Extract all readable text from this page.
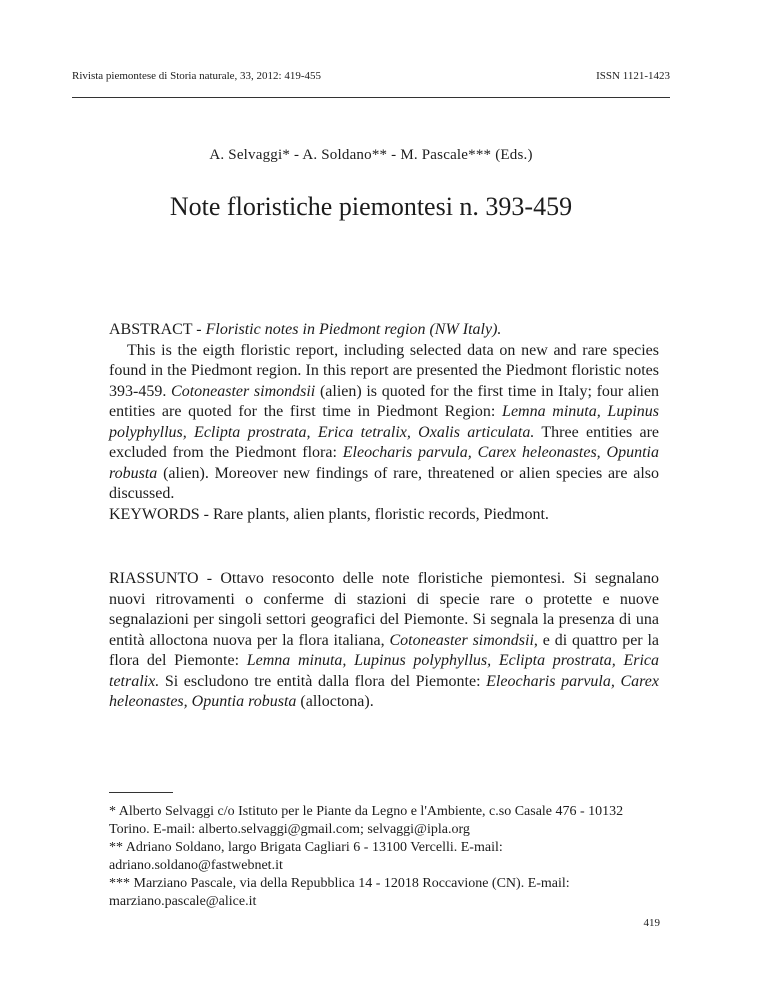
Rivista piemontese di Storia naturale, 33, 2012: 419-455	ISSN 1121-1423
A. Selvaggi* - A. Soldano** - M. Pascale*** (Eds.)
Note floristiche piemontesi n. 393-459

ABSTRACT - Floristic notes in Piedmont region (NW Italy).

This is the eigth floristic report, including selected data on new and rare species found in the Piedmont region. In this report are presented the Piedmont floristic notes 393-459. Cotoneaster simondsii (alien) is quoted for the first time in Italy; four alien entities are quoted for the first time in Piedmont Region: Lemna minuta, Lupinus polyphyllus, Eclipta prostrata, Erica tetralix, Oxalis articulata. Three entities are excluded from the Piedmont flora: Eleocharis parvula, Carex heleonastes, Opuntia robusta (alien). Moreover new findings of rare, threatened or alien species are also discussed.

KEYWORDS - Rare plants, alien plants, floristic records, Piedmont.
RIASSUNTO - Ottavo resoconto delle note floristiche piemontesi. Si segnalano nuovi ritrovamenti o conferme di stazioni di specie rare o protette e nuove segnalazioni per singoli settori geografici del Piemonte. Si segnala la presenza di una entità alloctona nuova per la flora italiana, Cotoneaster simondsii, e di quattro per la flora del Piemonte: Lemna minuta, Lupinus polyphyllus, Eclipta prostrata, Erica tetralix. Si escludono tre entità dalla flora del Piemonte: Eleocharis parvula, Carex heleonastes, Opuntia robusta (alloctona).

* Alberto Selvaggi c/o Istituto per le Piante da Legno e l'Ambiente, c.so Casale 476 - 10132 Torino. E-mail: alberto.selvaggi@gmail.com; selvaggi@ipla.org

** Adriano Soldano, largo Brigata Cagliari 6 - 13100 Vercelli. E-mail: adriano.soldano@fastwebnet.it

*** Marziano Pascale, via della Repubblica 14 - 12018 Roccavione (CN). E-mail: marziano.pascale@alice.it

419
